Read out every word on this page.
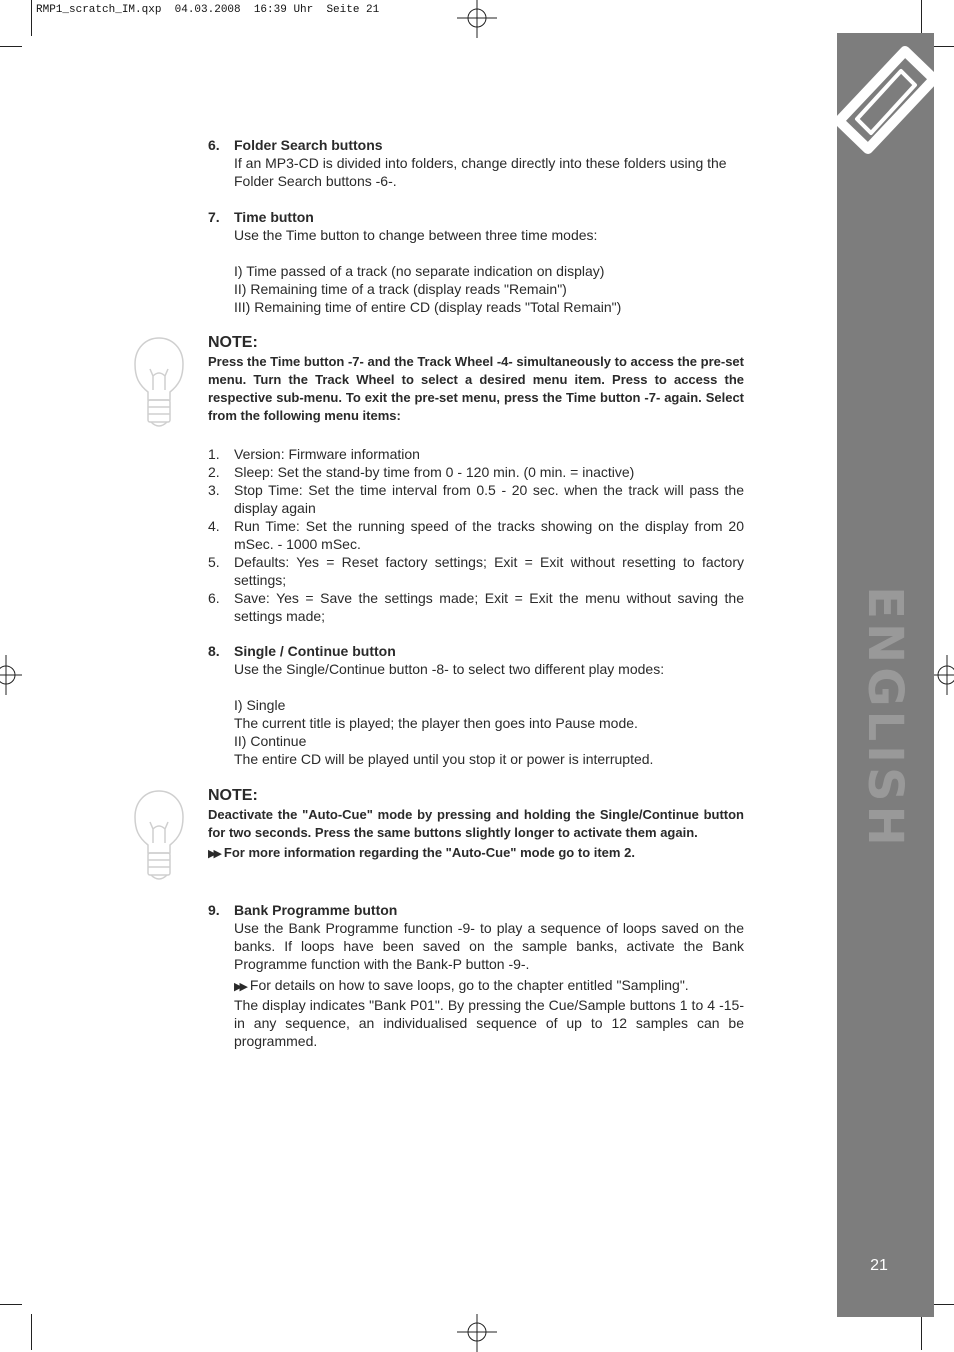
RMP1_scratch_IM.qxp  04.03.2008  16:39 Uhr  Seite 21
ENGLISH
21
6.	Folder Search buttons
If an MP3-CD is divided into folders, change directly into these folders using the Folder Search buttons -6-.
7.	Time button
Use the Time button to change between three time modes:
I) Time passed of a track (no separate indication on display)
II) Remaining time of a track (display reads "Remain")
III) Remaining time of entire CD (display reads "Total Remain")
NOTE:
Press the Time button -7- and the Track Wheel -4- simultaneously to access the pre-set menu. Turn the Track Wheel to select a desired menu item. Press to access the respective sub-menu. To exit the pre-set menu, press the Time button -7- again. Select from the following menu items:
1.	Version: Firmware information
2.	Sleep: Set the stand-by time from 0 - 120 min. (0 min. = inactive)
3.	Stop Time: Set the time interval from 0.5 - 20 sec. when the track will pass the display again
4.	Run Time: Set the running speed of the tracks showing on the display from 20 mSec. - 1000 mSec.
5.	Defaults: Yes = Reset factory settings; Exit = Exit without resetting to factory settings;
6.	Save: Yes = Save the settings made; Exit = Exit the menu without saving the settings made;
8.	Single / Continue button
Use the Single/Continue button -8- to select two different play modes:
I) Single
The current title is played; the player then goes into Pause mode.
II) Continue
The entire CD will be played until you stop it or power is interrupted.
NOTE:
Deactivate the "Auto-Cue" mode by pressing and holding the Single/Continue button for two seconds. Press the same buttons slightly longer to activate them again.
▶▶ For more information regarding the "Auto-Cue" mode go to item 2.
9.	Bank Programme button
Use the Bank Programme function -9- to play a sequence of loops saved on the banks. If loops have been saved on the sample banks, activate the Bank Programme function with the Bank-P button -9-.
▶▶ For details on how to save loops, go to the chapter entitled "Sampling".
The display indicates "Bank P01". By pressing the Cue/Sample buttons 1 to 4 -15- in any sequence, an individualised sequence of up to 12 samples can be programmed.
